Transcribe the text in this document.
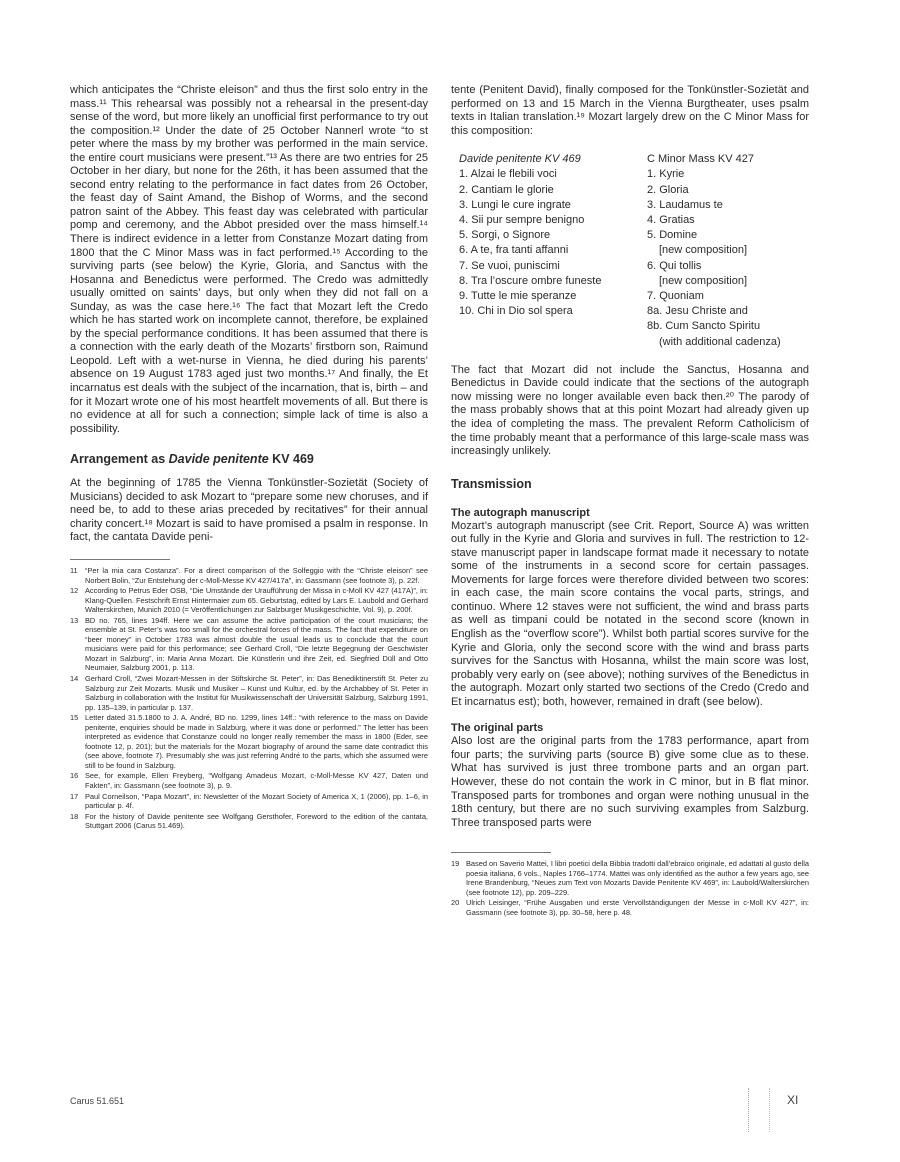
which anticipates the “Christe eleison” and thus the first solo entry in the mass.¹¹ This rehearsal was possibly not a rehearsal in the present-day sense of the word, but more likely an unofficial first performance to try out the composition.¹² Under the date of 25 October Nannerl wrote “to st peter where the mass by my brother was performed in the main service. the entire court musicians were present.”¹³ As there are two entries for 25 October in her diary, but none for the 26th, it has been assumed that the second entry relating to the performance in fact dates from 26 October, the feast day of Saint Amand, the Bishop of Worms, and the second patron saint of the Abbey. This feast day was celebrated with particular pomp and ceremony, and the Abbot presided over the mass himself.¹⁴ There is indirect evidence in a letter from Constanze Mozart dating from 1800 that the C Minor Mass was in fact performed.¹⁵ According to the surviving parts (see below) the Kyrie, Gloria, and Sanctus with the Hosanna and Benedictus were performed. The Credo was admittedly usually omitted on saints’ days, but only when they did not fall on a Sunday, as was the case here.¹⁶ The fact that Mozart left the Credo which he has started work on incomplete cannot, therefore, be explained by the special performance conditions. It has been assumed that there is a connection with the early death of the Mozarts’ firstborn son, Raimund Leopold. Left with a wet-nurse in Vienna, he died during his parents’ absence on 19 August 1783 aged just two months.¹⁷ And finally, the Et incarnatus est deals with the subject of the incarnation, that is, birth – and for it Mozart wrote one of his most heartfelt movements of all. But there is no evidence at all for such a connection; simple lack of time is also a possibility.

Arrangement as Davide penitente KV 469

At the beginning of 1785 the Vienna Tonkünstler-Sozietät (Society of Musicians) decided to ask Mozart to “prepare some new choruses, and if need be, to add to these arias preceded by recitatives” for their annual charity concert.¹⁸ Mozart is said to have promised a psalm in response. In fact, the cantata Davide peni-

11 “Per la mia cara Costanza”. For a direct comparison of the Solfeggio with the “Christe eleison” see Norbert Bolin, “Zur Entstehung der c-Moll-Messe KV 427/417a”, in: Gassmann (see footnote 3), p. 22f.
12 According to Petrus Eder OSB, “Die Umstände der Uraufführung der Missa in c-Moll KV 427 (417A)”, in: Klang-Quellen. Festschrift Ernst Hintermaier zum 65. Geburtstag, edited by Lars E. Laubold and Gerhard Walterskirchen, Munich 2010 (= Veröffentlichungen zur Salzburger Musikgeschichte, Vol. 9), p. 200f.
13 BD no. 765, lines 194ff. Here we can assume the active participation of the court musicians; the ensemble at St. Peter’s was too small for the orchestral forces of the mass. The fact that expenditure on “beer money” in October 1783 was almost double the usual leads us to conclude that the court musicians were paid for this performance; see Gerhard Croll, “Die letzte Begegnung der Geschwister Mozart in Salzburg”, in: Maria Anna Mozart. Die Künstlerin und ihre Zeit, ed. Siegfried Düll and Otto Neumaier, Salzburg 2001, p. 113.
14 Gerhard Croll, “Zwei Mozart-Messen in der Stiftskirche St. Peter”, in: Das Benediktinerstift St. Peter zu Salzburg zur Zeit Mozarts. Musik und Musiker – Kunst und Kultur, ed. by the Archabbey of St. Peter in Salzburg in collaboration with the Institut für Musikwissenschaft der Universität Salzburg, Salzburg 1991, pp. 135–139, in particular p. 137.
15 Letter dated 31.5.1800 to J. A. André, BD no. 1299, lines 14ff.: “with reference to the mass on Davide penitente, enquiries should be made in Salzburg, where it was done or performed.” The letter has been interpreted as evidence that Constanze could no longer really remember the mass in 1800 (Eder, see footnote 12, p. 201); but the materials for the Mozart biography of around the same date contradict this (see above, footnote 7). Presumably she was just referring André to the parts, which she assumed were still to be found in Salzburg.
16 See, for example, Ellen Freyberg, “Wolfgang Amadeus Mozart, c-Moll-Messe KV 427, Daten und Fakten”, in: Gassmann (see footnote 3), p. 9.
17 Paul Corneilson, “Papa Mozart”, in: Newsletter of the Mozart Society of America X, 1 (2006), pp. 1–6, in particular p. 4f.
18 For the history of Davide penitente see Wolfgang Gersthofer, Foreword to the edition of the cantata, Stuttgart 2006 (Carus 51.469).

tente (Penitent David), finally composed for the Tonkünstler-Sozietät and performed on 13 and 15 March in the Vienna Burgtheater, uses psalm texts in Italian translation.¹⁹ Mozart largely drew on the C Minor Mass for this composition:

Davide penitente KV 469
1. Alzai le flebili voci
2. Cantiam le glorie
3. Lungi le cure ingrate
4. Sii pur sempre benigno
5. Sorgi, o Signore
6. A te, fra tanti affanni
7. Se vuoi, puniscimi
8. Tra l’oscure ombre funeste
9. Tutte le mie speranze
10. Chi in Dio sol spera
C Minor Mass KV 427
1. Kyrie
2. Gloria
3. Laudamus te
4. Gratias
5. Domine
[new composition]
6. Qui tollis
[new composition]
7. Quoniam
8a. Jesu Christe and
8b. Cum Sancto Spiritu
(with additional cadenza)

The fact that Mozart did not include the Sanctus, Hosanna and Benedictus in Davide could indicate that the sections of the autograph now missing were no longer available even back then.²⁰ The parody of the mass probably shows that at this point Mozart had already given up the idea of completing the mass. The prevalent Reform Catholicism of the time probably meant that a performance of this large-scale mass was increasingly unlikely.

Transmission
The autograph manuscript

Mozart’s autograph manuscript (see Crit. Report, Source A) was written out fully in the Kyrie and Gloria and survives in full. The restriction to 12-stave manuscript paper in landscape format made it necessary to notate some of the instruments in a second score for certain passages. Movements for large forces were therefore divided between two scores: in each case, the main score contains the vocal parts, strings, and continuo. Where 12 staves were not sufficient, the wind and brass parts as well as timpani could be notated in the second score (known in English as the “overflow score”). Whilst both partial scores survive for the Kyrie and Gloria, only the second score with the wind and brass parts survives for the Sanctus with Hosanna, whilst the main score was lost, probably very early on (see above); nothing survives of the Benedictus in the autograph. Mozart only started two sections of the Credo (Credo and Et incarnatus est); both, however, remained in draft (see below).

The original parts

Also lost are the original parts from the 1783 performance, apart from four parts; the surviving parts (source B) give some clue as to these. What has survived is just three trombone parts and an organ part. However, these do not contain the work in C minor, but in B flat minor. Transposed parts for trombones and organ were nothing unusual in the 18th century, but there are no such surviving examples from Salzburg. Three transposed parts were

19 Based on Saverio Mattei, I libri poetici della Bibbia tradotti dall’ebraico originale, ed adattati al gusto della poesia italiana, 6 vols., Naples 1766–1774. Mattei was only identified as the author a few years ago, see Irene Brandenburg, “Neues zum Text von Mozarts Davide Penitente KV 469”, in: Laubold/Walterskirchen (see footnote 12), pp. 209–229.
20 Ulrich Leisinger, “Frühe Ausgaben und erste Vervollständigungen der Messe in c-Moll KV 427”, in: Gassmann (see footnote 3), pp. 30–58, here p. 48.
Carus 51.651	XI
